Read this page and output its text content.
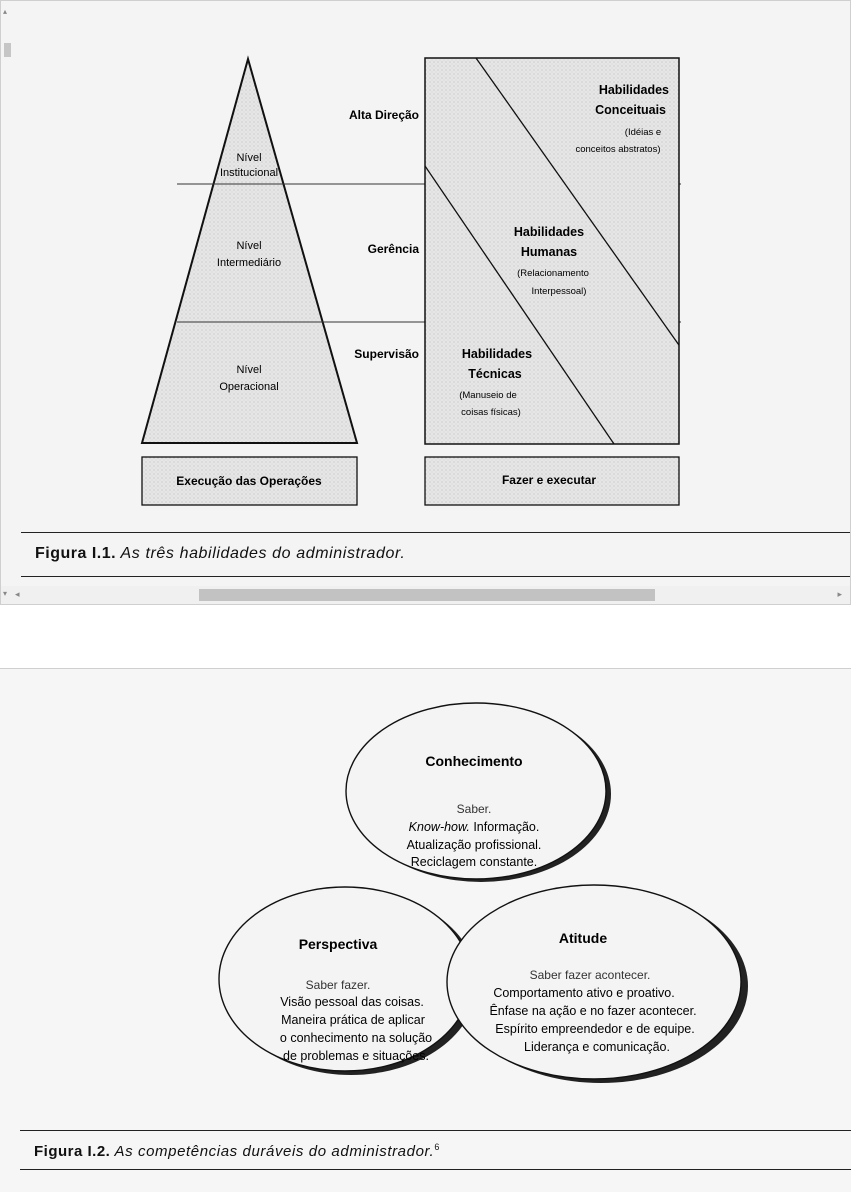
▴
Nível
Institucional
Nível
Intermediário
Nível
Operacional
Alta Direção
Gerência
Supervisão
Habilidades
Conceituais
(Idéias e
conceitos abstratos)
Habilidades
Humanas
(Relacionamento
Interpessoal)
Habilidades
Técnicas
(Manuseio de
coisas físicas)
Execução das Operações	Fazer e executar
Figura I.1. As três habilidades do administrador.
▾ ◂	▸
Conhecimento
Saber.
Know-how. Informação.
Atualização profissional.
Reciclagem constante.
Perspectiva
Saber fazer.
Visão pessoal das coisas.
Maneira prática de aplicar
o conhecimento na solução
de problemas e situações.
Atitude
Saber fazer acontecer.
Comportamento ativo e proativo.
Ênfase na ação e no fazer acontecer.
Espírito empreendedor e de equipe.
Liderança e comunicação.
Figura I.2. As competências duráveis do administrador.$^6$
